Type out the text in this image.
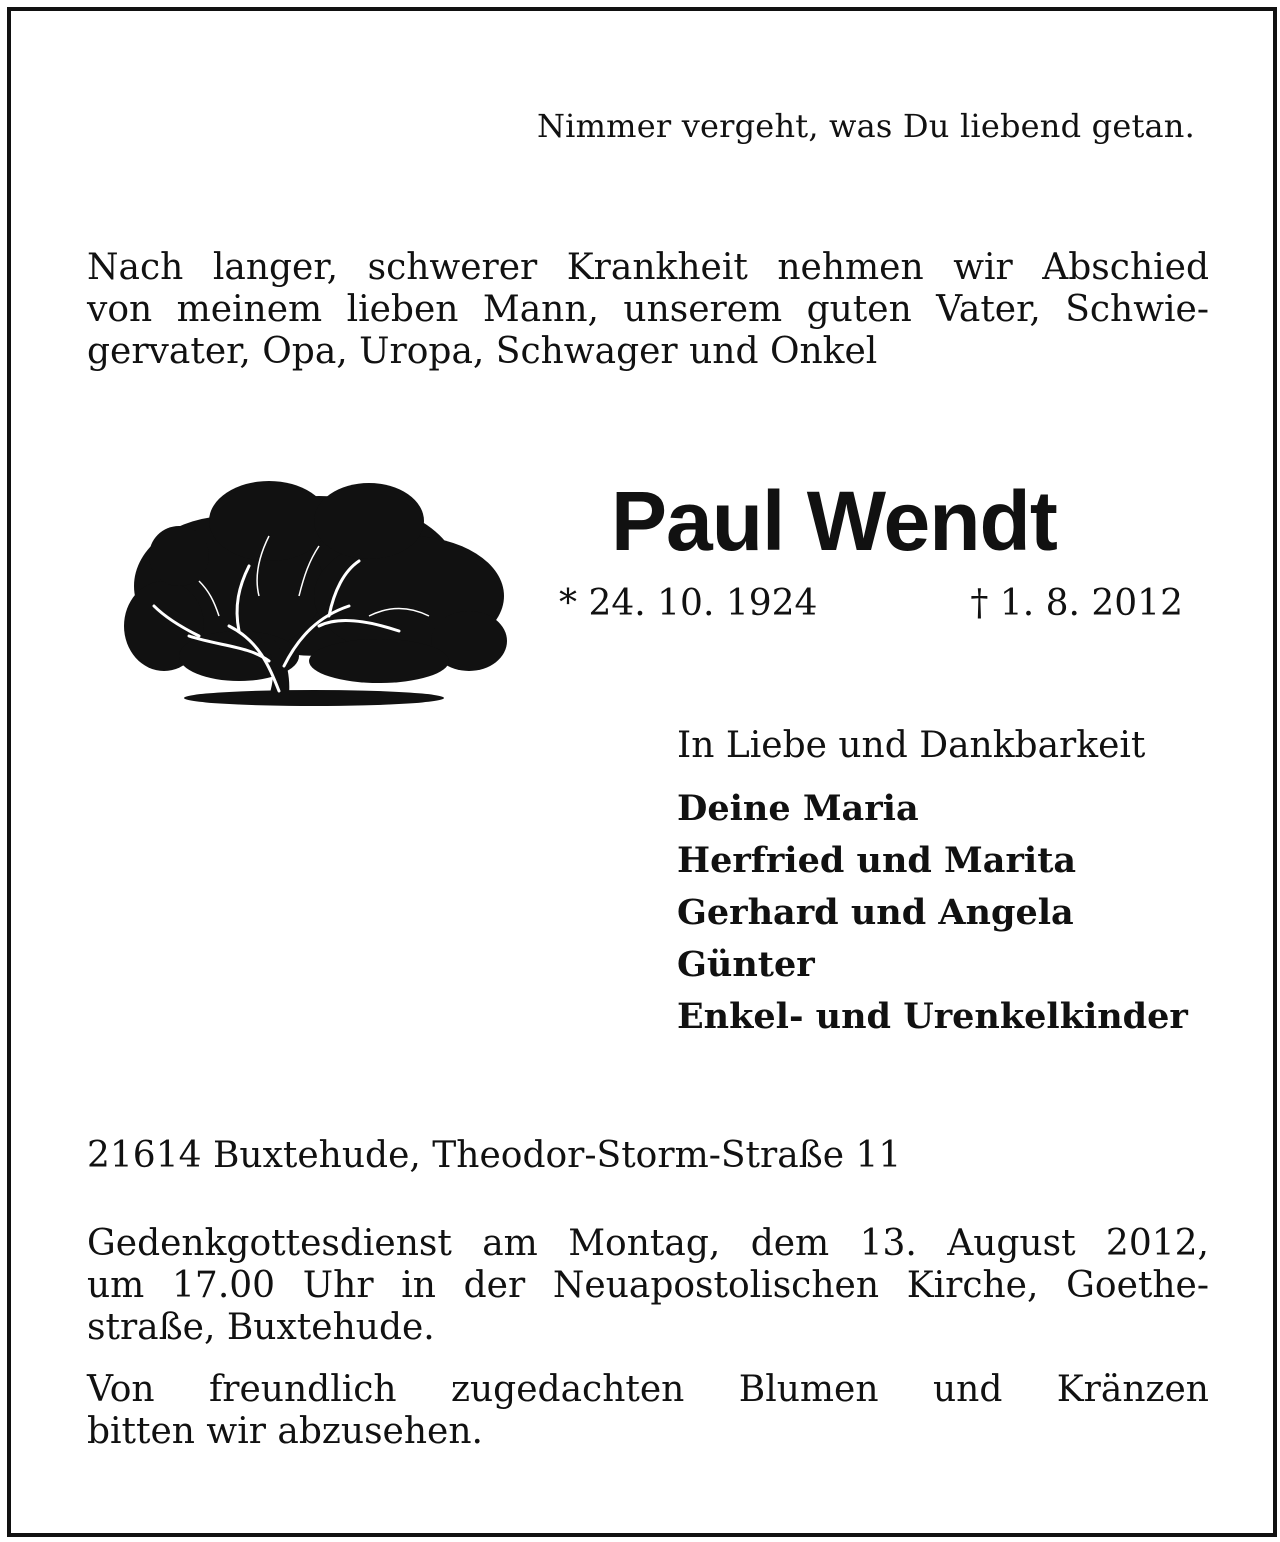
Nimmer vergeht, was Du liebend getan.
Nach langer, schwerer Krankheit nehmen wir Abschied
von meinem lieben Mann, unserem guten Vater, Schwie-
gervater, Opa, Uropa, Schwager und Onkel
Paul Wendt
* 24. 10. 1924	† 1. 8. 2012
In Liebe und Dankbarkeit
Deine Maria
Herfried und Marita
Gerhard und Angela
Günter
Enkel- und Urenkelkinder
21614 Buxtehude, Theodor-Storm-Straße 11
Gedenkgottesdienst am Montag, dem 13. August 2012,
um 17.00 Uhr in der Neuapostolischen Kirche, Goethe-
straße, Buxtehude.
Von freundlich zugedachten Blumen und Kränzen
bitten wir abzusehen.
